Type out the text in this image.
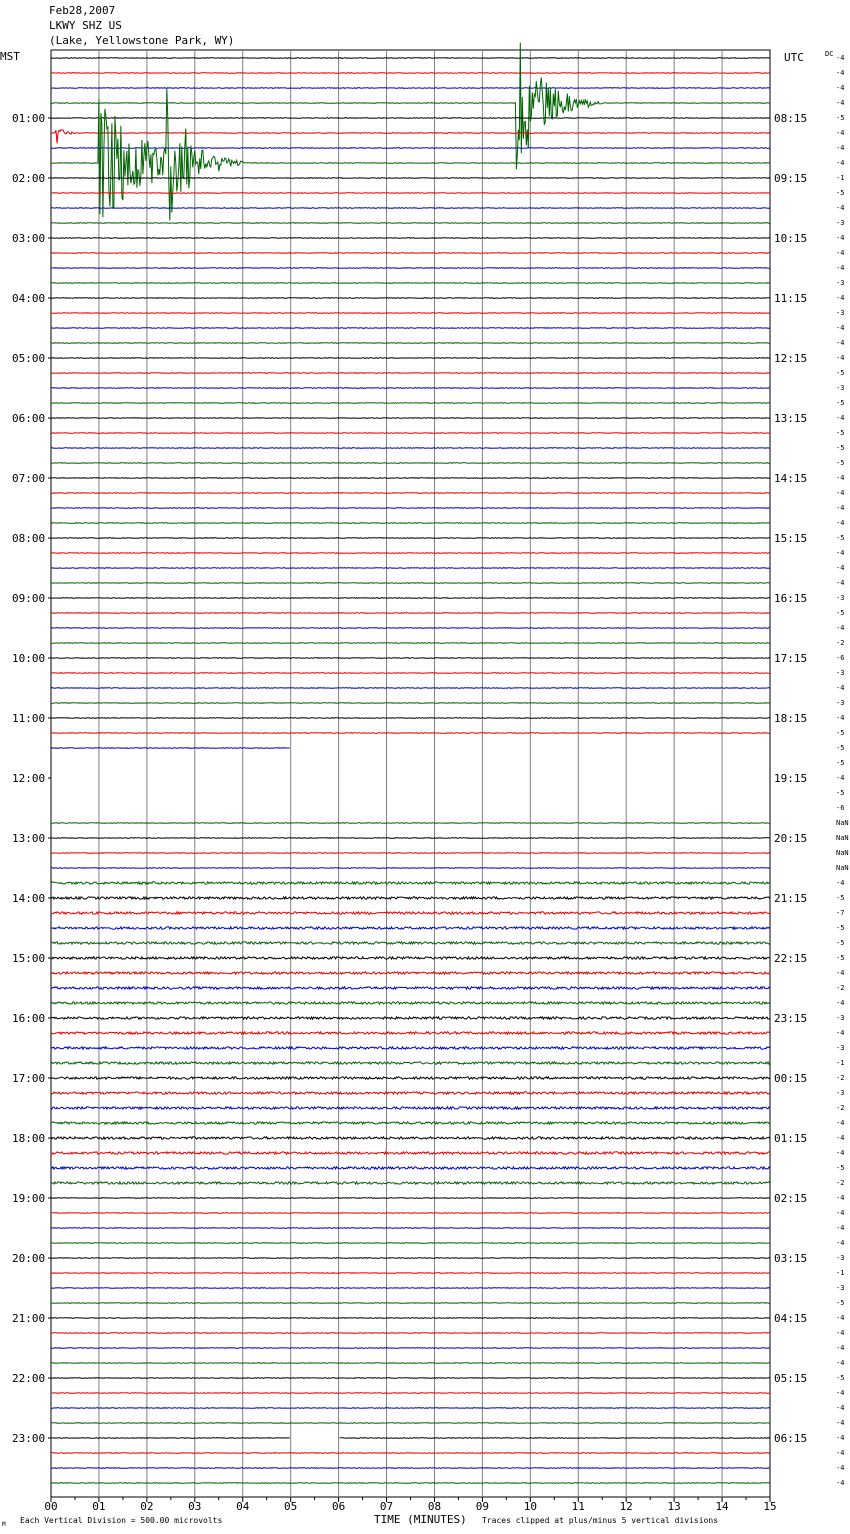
Feb28,2007
LKWY SHZ US
(Lake, Yellowstone Park, WY)
MST	UTC	DC
00	01	02	03	04	05	06	07	08	09	10	11	12	13	14	15
-4
-4
-4
-4
-5
-4
-4
-4
-1
-5
-4
-3
-4
-4
-4
-3
-4
-3
-4
-4
-4
-5
-3
-5
-4
-5
-5
-5
-4
-4
-4
-4
-5
-4
-4
-4
-3
-5
-4
-2
-6
-3
-4
-3
-4
-5
-5
-5
-4
-5
-6
NaN
NaN
NaN
NaN
-4
-5
-7
-5
-5
-5
-4
-2
-4
-3
-4
-3
-1
-2
-3
-2
-4
-4
-4
-5
-2
-4
-4
-4
-4
-3
-1
-3
-5
-4
-4
-4
-4
-5
-4
-4
-4
-4
-4
-4
-4
01:00	08:15
02:00	09:15
03:00	10:15
04:00	11:15
05:00	12:15
06:00	13:15
07:00	14:15
08:00	15:15
09:00	16:15
10:00	17:15
11:00	18:15
12:00	19:15
13:00	20:15
14:00	21:15
15:00	22:15
16:00	23:15
17:00	00:15
18:00	01:15
19:00	02:15
20:00	03:15
21:00	04:15
22:00	05:15
23:00	06:15
M Each Vertical Division = 500.00 microvolts	TIME (MINUTES) Traces clipped at plus/minus 5 vertical divisions
